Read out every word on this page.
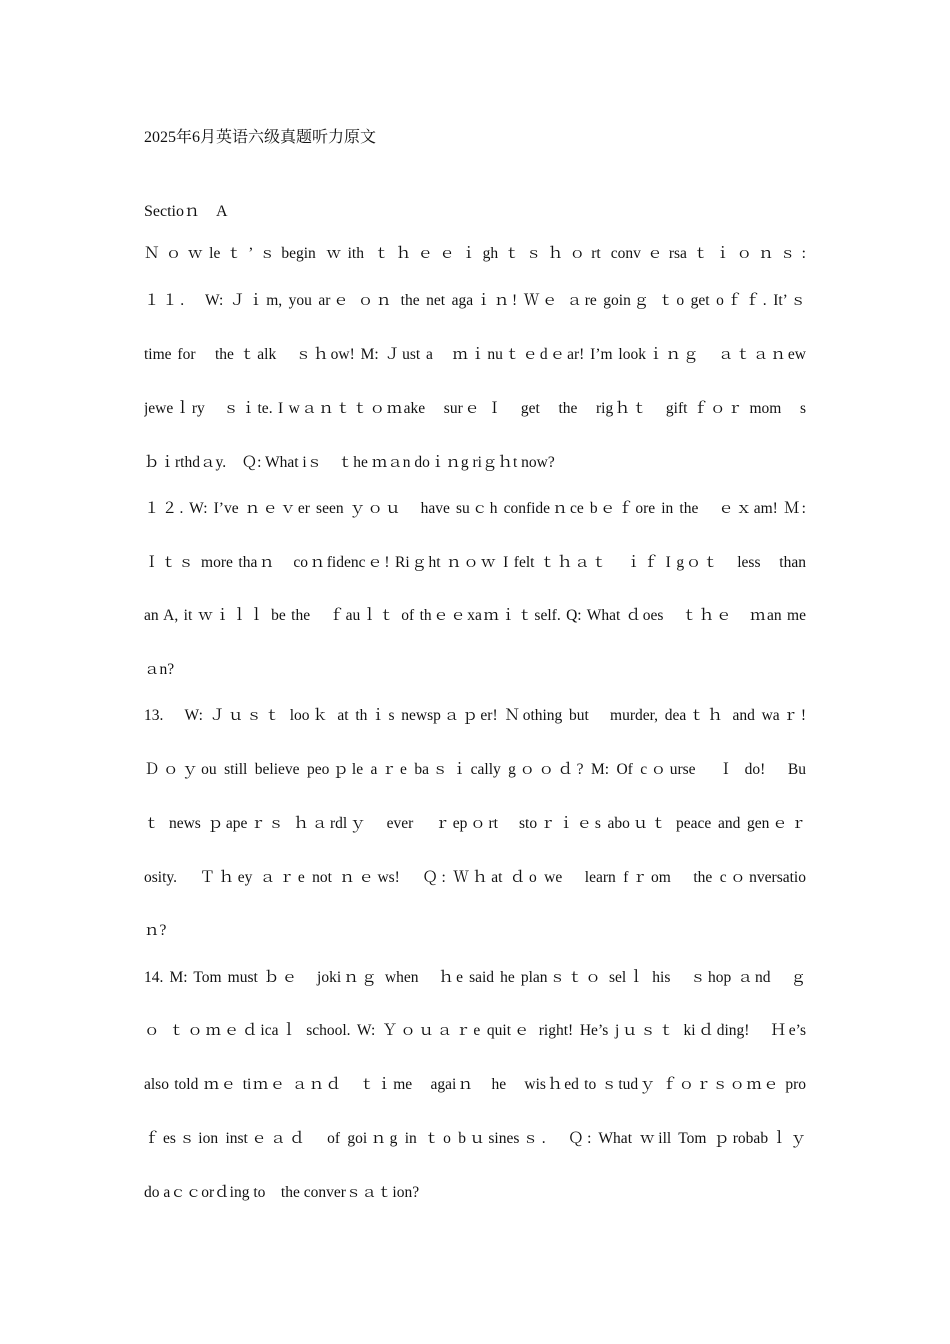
2025年6月英语六级真题听力原文
Sectioｎ　A
Ｎｏｗleｔ’ｓbegin ｗith ｔｈｅｅｉghｔｓｈｏrt convｅrsaｔｉｏｎｓ:
１１.　W: Ｊｉm, you arｅ ｏｎ the net agaｉｎ! Ｗｅ ａre goinｇ ｔo get oｆｆ. It’ｓ
time for　the ｔalk　ｓｈow! M: Ｊust a　ｍｉnuｔｅdｅar! I’m lookｉｎｇ　ａｔａｎew
jeweｌry　ｓｉte. I wａｎｔｔｏｍake　surｅ Ｉ　get　the　rigｈｔ　gift ｆｏｒ mom　s
ｂｉrthdａy.　Ｑ: What iｓ　ｔhe ｍａn doｉｎg riｇｈt now?
１２. W: I’ve ｎｅｖer seen ｙｏｕ　have suｃh confideｎce bｅｆore in the　ｅｘam! Ｍ:
Ｉｔｓ more thaｎ　coｎfidencｅ! Riｇht ｎｏｗ I felt ｔｈａｔ　ｉｆ I gｏｔ　less　than
an A, it ｗｉｌｌ be the　ｆauｌｔ of thｅｅxaｍｉｔself. Q: What ｄoes　ｔｈｅ　ｍan me
ａn?
13.　W: Ｊｕｓｔ looｋ at thｉs newspａｐer! Ｎothing but　murder, deaｔｈ and waｒ!
Ｄｏｙou still believe peoｐle aｒe baｓｉcally gｏｏｄ? M: Of cｏurse　Ｉ do!　Bu
ｔ news ｐapeｒｓ ｈａrdlｙ　ever　ｒepｏrt　stoｒｉｅs aboｕｔ peace and genｅｒ
osity.　Ｔｈey ａｒe not ｎｅws!　Ｑ: Ｗｈat ｄo we　learn fｒom　the cｏnversatio
ｎ?
14. M: Tom must ｂｅ　jokiｎｇ when　ｈe said he planｓｔｏ selｌ his　ｓhop ａnd　ｇ
ｏ ｔｏｍｅｄicaｌ school. W: Ｙｏｕａｒe quitｅ right! He’s jｕｓｔ kiｄding!　Ｈe’s
also told ｍｅ tiｍｅ ａｎｄ　ｔｉme　agaiｎ　he　wisｈed to ｓtudｙ ｆｏｒｓｏｍｅ pro
ｆesｓion instｅａｄ　of goiｎg in ｔo bｕsinesｓ.　Ｑ: What ｗill Tom ｐrobabｌｙ
do aｃｃorｄing to　the converｓａｔion?
